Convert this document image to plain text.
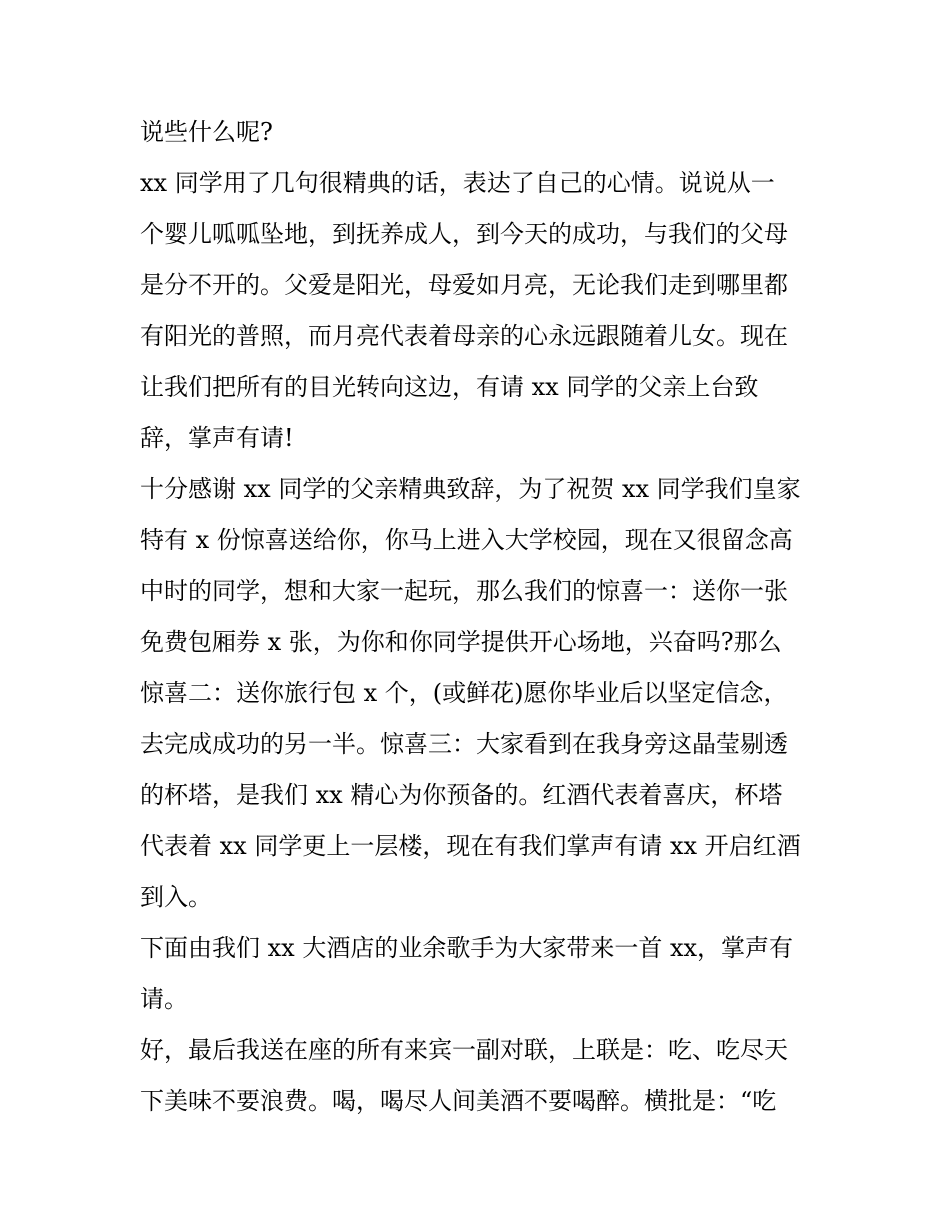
说些什么呢?
xx 同学用了几句很精典的话，表达了自己的心情。说说从一
个婴儿呱呱坠地，到抚养成人，到今天的成功，与我们的父母
是分不开的。父爱是阳光，母爱如月亮，无论我们走到哪里都
有阳光的普照，而月亮代表着母亲的心永远跟随着儿女。现在
让我们把所有的目光转向这边，有请 xx 同学的父亲上台致
辞，掌声有请!
十分感谢 xx 同学的父亲精典致辞，为了祝贺 xx 同学我们皇家
特有 x 份惊喜送给你，你马上进入大学校园，现在又很留念高
中时的同学，想和大家一起玩，那么我们的惊喜一：送你一张
免费包厢券 x 张，为你和你同学提供开心场地，兴奋吗?那么
惊喜二：送你旅行包 x 个，(或鲜花)愿你毕业后以坚定信念，
去完成成功的另一半。惊喜三：大家看到在我身旁这晶莹剔透
的杯塔，是我们 xx 精心为你预备的。红酒代表着喜庆，杯塔
代表着 xx 同学更上一层楼，现在有我们掌声有请 xx 开启红酒
到入。
下面由我们 xx 大酒店的业余歌手为大家带来一首 xx，掌声有
请。
好，最后我送在座的所有来宾一副对联，上联是：吃、吃尽天
下美味不要浪费。喝，喝尽人间美酒不要喝醉。横批是：“吃
